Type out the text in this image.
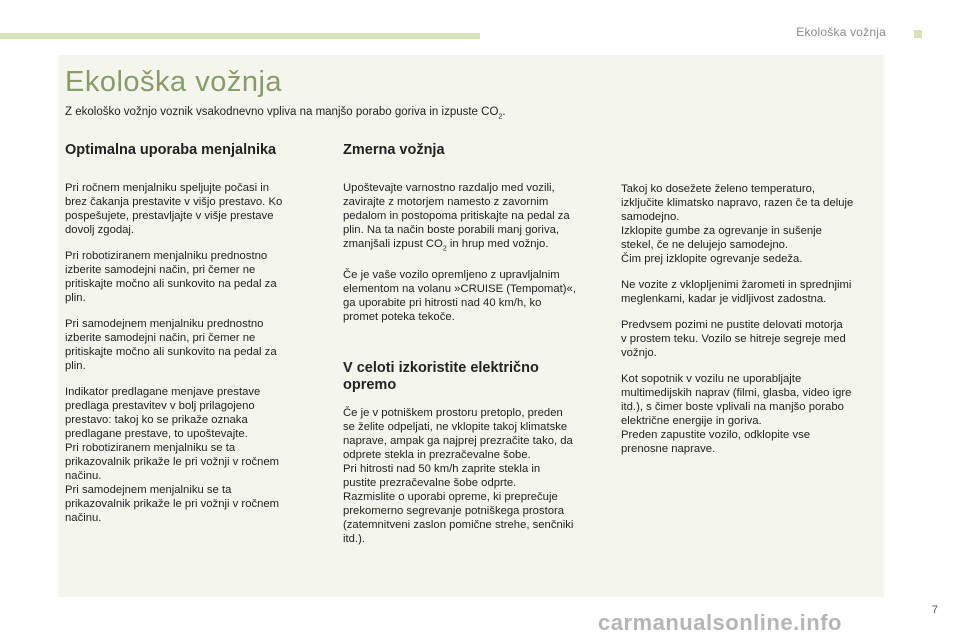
Ekološka vožnja
Ekološka vožnja

Z ekološko vožnjo voznik vsakodnevno vpliva na manjšo porabo goriva in izpuste $CO_2$.

Optimalna uporaba menjalnika

Pri ročnem menjalniku speljujte počasi in
brez čakanja prestavite v višjo prestavo. Ko
pospešujete, prestavljajte v višje prestave
dovolj zgodaj.

Pri robotiziranem menjalniku prednostno
izberite samodejni način, pri čemer ne
pritiskajte močno ali sunkovito na pedal za
plin.

Pri samodejnem menjalniku prednostno
izberite samodejni način, pri čemer ne
pritiskajte močno ali sunkovito na pedal za
plin.

Indikator predlagane menjave prestave
predlaga prestavitev v bolj prilagojeno
prestavo: takoj ko se prikaže oznaka
predlagane prestave, to upoštevajte.
Pri robotiziranem menjalniku se ta
prikazovalnik prikaže le pri vožnji v ročnem
načinu.
Pri samodejnem menjalniku se ta
prikazovalnik prikaže le pri vožnji v ročnem
načinu.

Zmerna vožnja

Upoštevajte varnostno razdaljo med vozili,
zavirajte z motorjem namesto z zavornim
pedalom in postopoma pritiskajte na pedal za
plin. Na ta način boste porabili manj goriva,
zmanjšali izpust $CO_2$ in hrup med vožnjo.

Če je vaše vozilo opremljeno z upravljalnim
elementom na volanu »CRUISE (Tempomat)«,
ga uporabite pri hitrosti nad 40 km/h, ko
promet poteka tekoče.

V celoti izkoristite električno
opremo

Če je v potniškem prostoru pretoplo, preden
se želite odpeljati, ne vklopite takoj klimatske
naprave, ampak ga najprej prezračite tako, da
odprete stekla in prezračevalne šobe.
Pri hitrosti nad 50 km/h zaprite stekla in
pustite prezračevalne šobe odprte.
Razmislite o uporabi opreme, ki preprečuje
prekomerno segrevanje potniškega prostora
(zatemnitveni zaslon pomične strehe, senčniki
itd.).

Takoj ko dosežete želeno temperaturo,
izključite klimatsko napravo, razen če ta deluje
samodejno.
Izklopite gumbe za ogrevanje in sušenje
stekel, če ne delujejo samodejno.
Čim prej izklopite ogrevanje sedeža.

Ne vozite z vklopljenimi žarometi in sprednjimi
meglenkami, kadar je vidljivost zadostna.

Predvsem pozimi ne pustite delovati motorja
v prostem teku. Vozilo se hitreje segreje med
vožnjo.

Kot sopotnik v vozilu ne uporabljajte
multimedijskih naprav (filmi, glasba, video igre
itd.), s čimer boste vplivali na manjšo porabo
električne energije in goriva.
Preden zapustite vozilo, odklopite vse
prenosne naprave.

carmanualsonline.info	7
